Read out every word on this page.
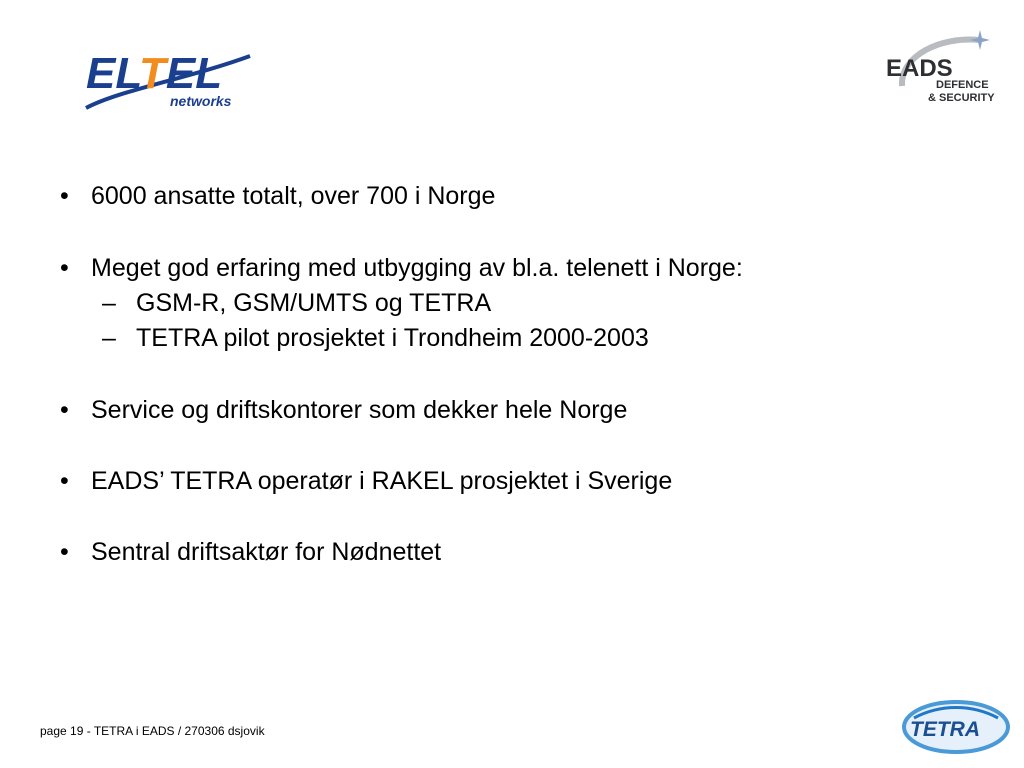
ELTEL
networks
EADS
DEFENCE
& SECURITY
• 6000 ansatte totalt, over 700 i Norge
• Meget god erfaring med utbygging av bl.a. telenett i Norge:
– GSM-R, GSM/UMTS og TETRA
– TETRA pilot prosjektet i Trondheim 2000-2003
• Service og driftskontorer som dekker hele Norge
• EADS’ TETRA operatør i RAKEL prosjektet i Sverige
• Sentral driftsaktør for Nødnettet
page 19 - TETRA i EADS / 270306 dsjovik	TETRA
